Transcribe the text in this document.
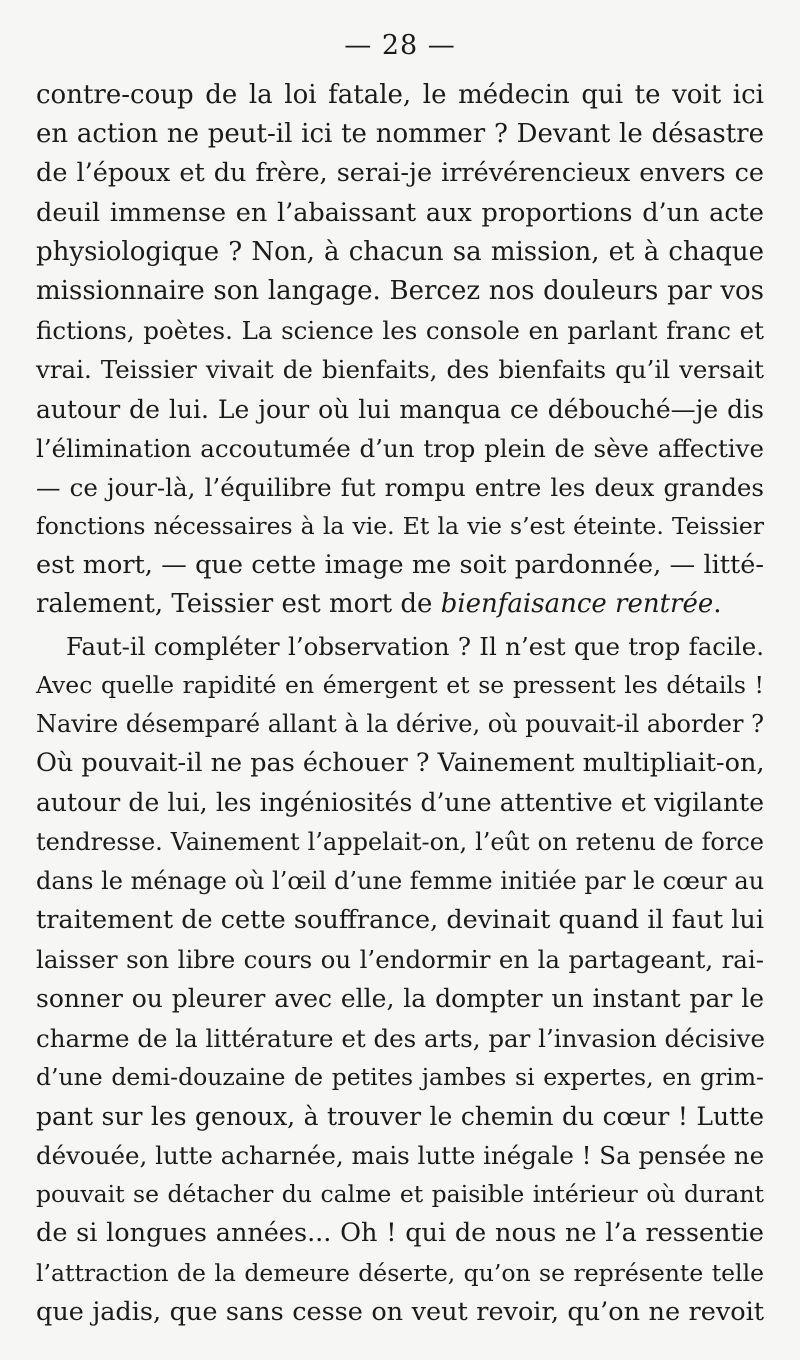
— 28 —
contre-coup de la loi fatale, le médecin qui te voit ici
en action ne peut-il ici te nommer ? Devant le désastre
de l’époux et du frère, serai-je irrévérencieux envers ce
deuil immense en l’abaissant aux proportions d’un acte
physiologique ? Non, à chacun sa mission, et à chaque
missionnaire son langage. Bercez nos douleurs par vos
fictions, poètes. La science les console en parlant franc et
vrai. Teissier vivait de bienfaits, des bienfaits qu’il versait
autour de lui. Le jour où lui manqua ce débouché—je dis
l’élimination accoutumée d’un trop plein de sève affective
— ce jour-là, l’équilibre fut rompu entre les deux grandes
fonctions nécessaires à la vie. Et la vie s’est éteinte. Teissier
est mort, — que cette image me soit pardonnée, — litté-
ralement, Teissier est mort de bienfaisance rentrée.
Faut-il compléter l’observation ? Il n’est que trop facile.
Avec quelle rapidité en émergent et se pressent les détails !
Navire désemparé allant à la dérive, où pouvait-il aborder ?
Où pouvait-il ne pas échouer ? Vainement multipliait-on,
autour de lui, les ingéniosités d’une attentive et vigilante
tendresse. Vainement l’appelait-on, l’eût on retenu de force
dans le ménage où l’œil d’une femme initiée par le cœur au
traitement de cette souffrance, devinait quand il faut lui
laisser son libre cours ou l’endormir en la partageant, rai-
sonner ou pleurer avec elle, la dompter un instant par le
charme de la littérature et des arts, par l’invasion décisive
d’une demi-douzaine de petites jambes si expertes, en grim-
pant sur les genoux, à trouver le chemin du cœur ! Lutte
dévouée, lutte acharnée, mais lutte inégale ! Sa pensée ne
pouvait se détacher du calme et paisible intérieur où durant
de si longues années... Oh ! qui de nous ne l’a ressentie
l’attraction de la demeure déserte, qu’on se représente telle
que jadis, que sans cesse on veut revoir, qu’on ne revoit
